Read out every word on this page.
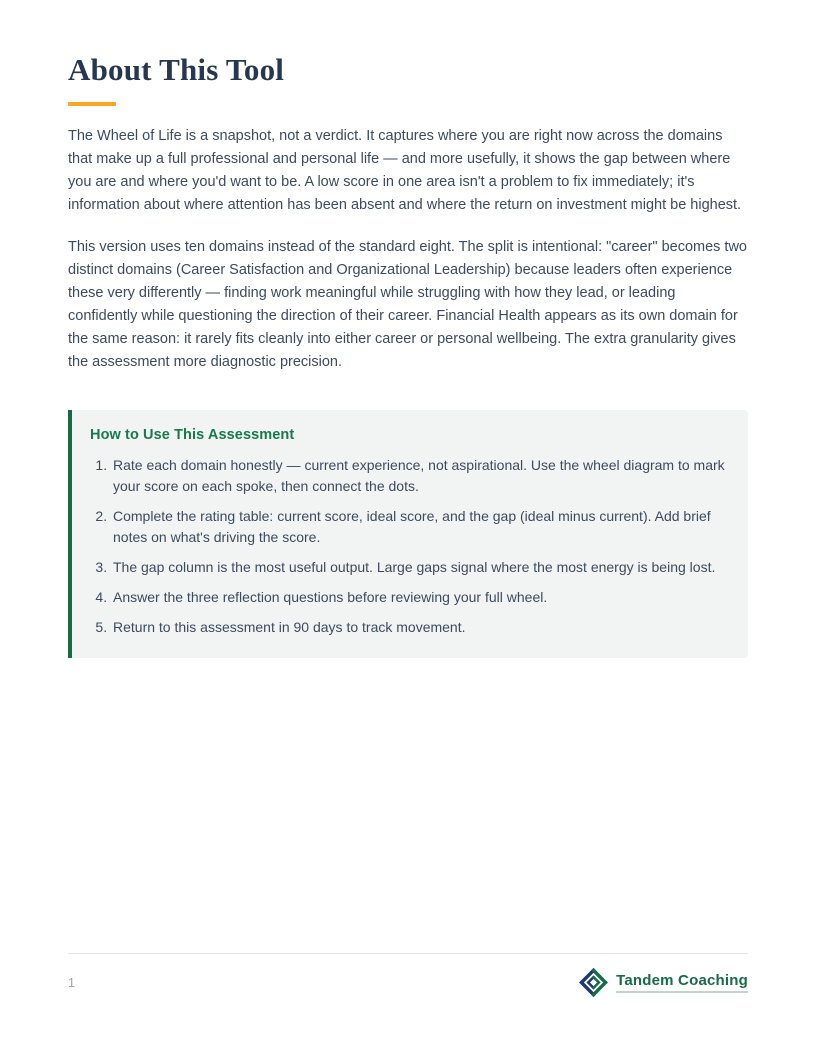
About This Tool

The Wheel of Life is a snapshot, not a verdict. It captures where you are right now across the domains that make up a full professional and personal life — and more usefully, it shows the gap between where you are and where you'd want to be. A low score in one area isn't a problem to fix immediately; it's information about where attention has been absent and where the return on investment might be highest.

This version uses ten domains instead of the standard eight. The split is intentional: "career" becomes two distinct domains (Career Satisfaction and Organizational Leadership) because leaders often experience these very differently — finding work meaningful while struggling with how they lead, or leading confidently while questioning the direction of their career. Financial Health appears as its own domain for the same reason: it rarely fits cleanly into either career or personal wellbeing. The extra granularity gives the assessment more diagnostic precision.

How to Use This Assessment
1. Rate each domain honestly — current experience, not aspirational. Use the wheel diagram to mark your score on each spoke, then connect the dots.
2. Complete the rating table: current score, ideal score, and the gap (ideal minus current). Add brief notes on what's driving the score.
3. The gap column is the most useful output. Large gaps signal where the most energy is being lost.
4. Answer the three reflection questions before reviewing your full wheel.
5. Return to this assessment in 90 days to track movement.
1	Tandem Coaching
